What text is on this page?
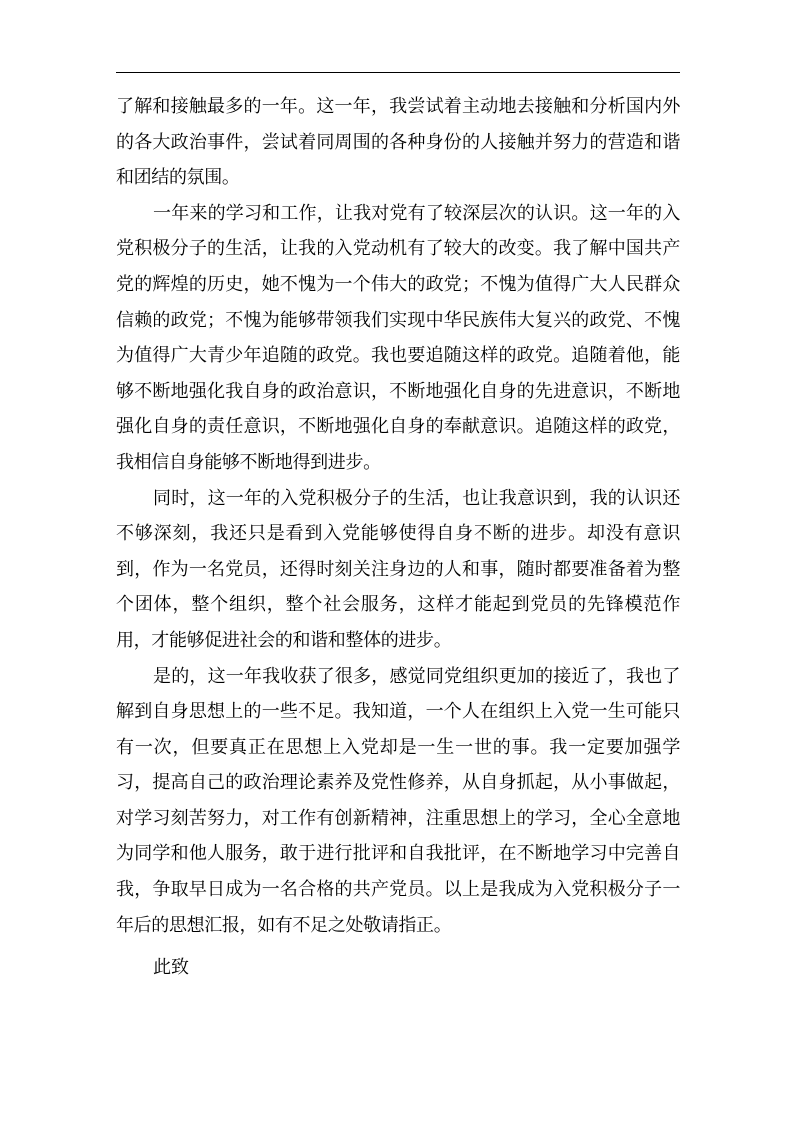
了解和接触最多的一年。这一年，我尝试着主动地去接触和分析国内外的各大政治事件，尝试着同周围的各种身份的人接触并努力的营造和谐和团结的氛围。

一年来的学习和工作，让我对党有了较深层次的认识。这一年的入党积极分子的生活，让我的入党动机有了较大的改变。我了解中国共产党的辉煌的历史，她不愧为一个伟大的政党；不愧为值得广大人民群众信赖的政党；不愧为能够带领我们实现中华民族伟大复兴的政党、不愧为值得广大青少年追随的政党。我也要追随这样的政党。追随着他，能够不断地强化我自身的政治意识，不断地强化自身的先进意识，不断地强化自身的责任意识，不断地强化自身的奉献意识。追随这样的政党，我相信自身能够不断地得到进步。

同时，这一年的入党积极分子的生活，也让我意识到，我的认识还不够深刻，我还只是看到入党能够使得自身不断的进步。却没有意识到，作为一名党员，还得时刻关注身边的人和事，随时都要准备着为整个团体，整个组织，整个社会服务，这样才能起到党员的先锋模范作用，才能够促进社会的和谐和整体的进步。

是的，这一年我收获了很多，感觉同党组织更加的接近了，我也了解到自身思想上的一些不足。我知道，一个人在组织上入党一生可能只有一次，但要真正在思想上入党却是一生一世的事。我一定要加强学习，提高自己的政治理论素养及党性修养，从自身抓起，从小事做起，对学习刻苦努力，对工作有创新精神，注重思想上的学习，全心全意地为同学和他人服务，敢于进行批评和自我批评，在不断地学习中完善自我，争取早日成为一名合格的共产党员。以上是我成为入党积极分子一年后的思想汇报，如有不足之处敬请指正。

此致
